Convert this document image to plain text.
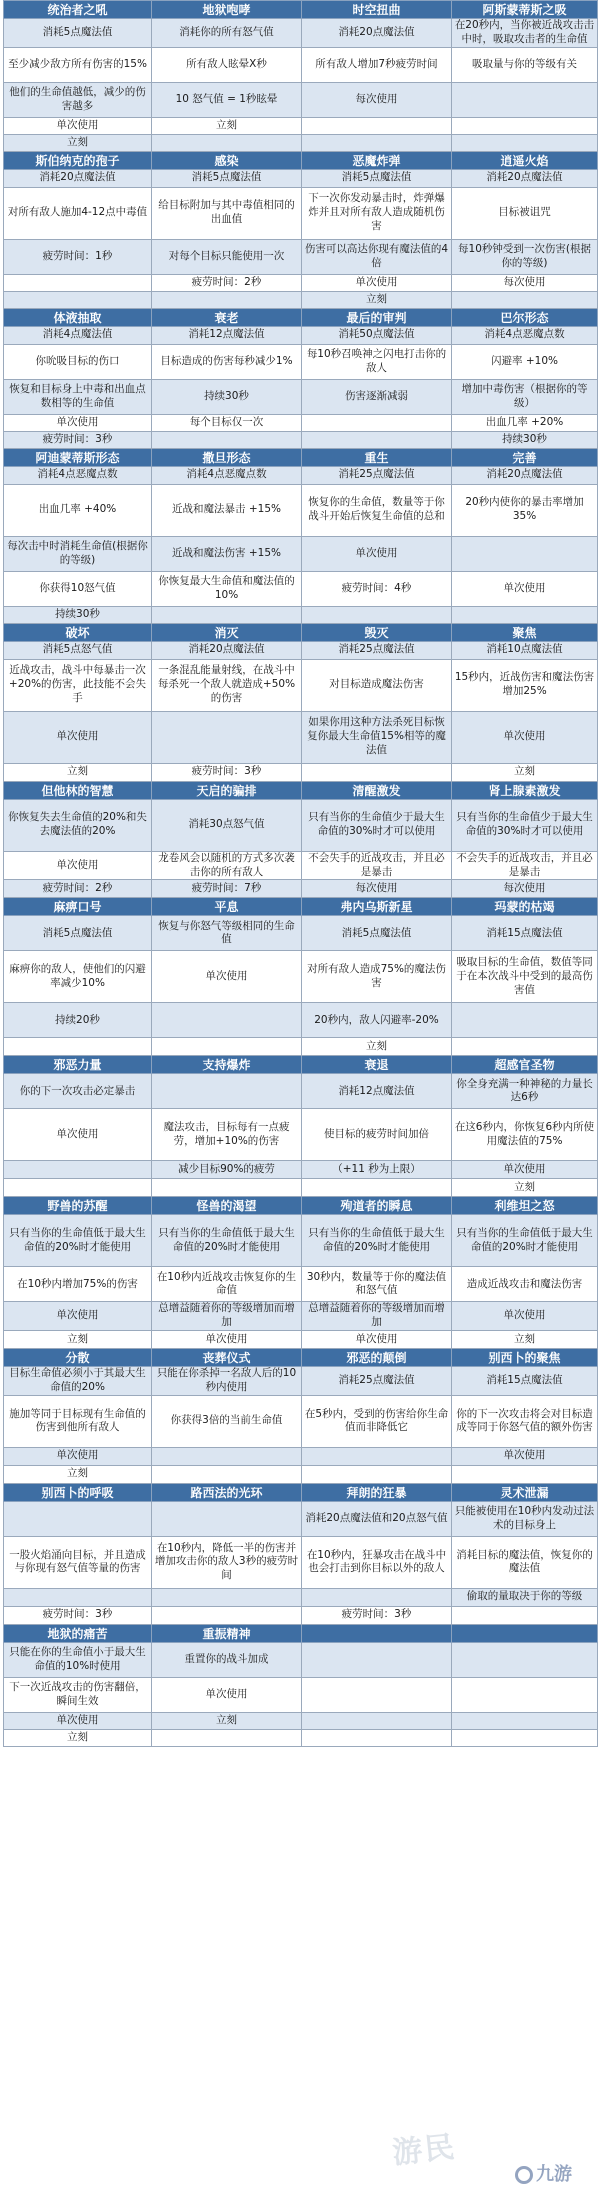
统治者之吼	地狱咆哮	时空扭曲	阿斯蒙蒂斯之吸
消耗5点魔法值	消耗你的所有怒气值	消耗20点魔法值	在20秒内，当你被近战攻击击中时，吸取攻击者的生命值
至少减少敌方所有伤害的15%	所有敌人眩晕X秒	所有敌人增加7秒疲劳时间	吸取量与你的等级有关
他们的生命值越低，减少的伤害越多	10 怒气值 = 1秒眩晕	每次使用	
单次使用	立刻		
立刻			
斯伯纳克的孢子	感染	恶魔炸弹	逍遥火焰
消耗20点魔法值	消耗5点魔法值	消耗5点魔法值	消耗20点魔法值
对所有敌人施加4-12点中毒值	给目标附加与其中毒值相同的出血值	下一次你发动暴击时，炸弹爆炸并且对所有敌人造成随机伤害	目标被诅咒
疲劳时间：1秒	对每个目标只能使用一次	伤害可以高达你现有魔法值的4倍	每10秒钟受到一次伤害(根据你的等级)
	疲劳时间：2秒	单次使用	每次使用
		立刻	
体液抽取	衰老	最后的审判	巴尔形态
消耗4点魔法值	消耗12点魔法值	消耗50点魔法值	消耗4点恶魔点数
你吮吸目标的伤口	目标造成的伤害每秒减少1%	每10秒召唤神之闪电打击你的敌人	闪避率 +10%
恢复和目标身上中毒和出血点数相等的生命值	持续30秒	伤害逐渐减弱	增加中毒伤害（根据你的等级）
单次使用	每个目标仅一次		出血几率 +20%
疲劳时间：3秒			持续30秒
阿迪蒙蒂斯形态	撒旦形态	重生	完善
消耗4点恶魔点数	消耗4点恶魔点数	消耗25点魔法值	消耗20点魔法值
出血几率 +40%	近战和魔法暴击 +15%	恢复你的生命值，数量等于你战斗开始后恢复生命值的总和	20秒内使你的暴击率增加35%
每次击中时消耗生命值(根据你的等级)	近战和魔法伤害 +15%	单次使用	
你获得10怒气值	你恢复最大生命值和魔法值的10%	疲劳时间：4秒	单次使用
持续30秒			
破坏	消灭	毁灭	聚焦
消耗5点怒气值	消耗20点魔法值	消耗25点魔法值	消耗10点魔法值
近战攻击，战斗中每暴击一次+20%的伤害，此技能不会失手	一条混乱能量射线，在战斗中每杀死一个敌人就造成+50%的伤害	对目标造成魔法伤害	15秒内，近战伤害和魔法伤害增加25%
单次使用		如果你用这种方法杀死目标恢复你最大生命值15%相等的魔法值	单次使用
立刻	疲劳时间：3秒		立刻
但他林的智慧	天启的骗排	清醒激发	肾上腺素激发
你恢复失去生命值的20%和失去魔法值的20%	消耗30点怒气值	只有当你的生命值少于最大生命值的30%时才可以使用	只有当你的生命值少于最大生命值的30%时才可以使用
单次使用	龙卷风会以随机的方式多次袭击你的所有敌人	不会失手的近战攻击，并且必是暴击	不会失手的近战攻击，并且必是暴击
疲劳时间：2秒	疲劳时间：7秒	每次使用	每次使用
麻痹口号	平息	弗内乌斯新星	玛蒙的枯竭
消耗5点魔法值	恢复与你怒气等级相同的生命值	消耗5点魔法值	消耗15点魔法值
麻痹你的敌人，使他们的闪避率减少10%	单次使用	对所有敌人造成75%的魔法伤害	吸取目标的生命值，数值等同于在本次战斗中受到的最高伤害值
持续20秒		20秒内，敌人闪避率-20%	
		立刻	
邪恶力量	支持爆炸	衰退	超感官圣物
你的下一次攻击必定暴击		消耗12点魔法值	你全身充满一种神秘的力量长达6秒
单次使用	魔法攻击，目标每有一点疲劳，增加+10%的伤害	使目标的疲劳时间加倍	在这6秒内，你恢复6秒内所使用魔法值的75%
	减少目标90%的疲劳	（+11 秒为上限）	单次使用
			立刻
野兽的苏醒	怪兽的渴望	殉道者的瞬息	利维坦之怒
只有当你的生命值低于最大生命值的20%时才能使用	只有当你的生命值低于最大生命值的20%时才能使用	只有当你的生命值低于最大生命值的20%时才能使用	只有当你的生命值低于最大生命值的20%时才能使用
在10秒内增加75%的伤害	在10秒内近战攻击恢复你的生命值	30秒内，数量等于你的魔法值和怒气值	造成近战攻击和魔法伤害
单次使用	总增益随着你的等级增加而增加	总增益随着你的等级增加而增加	单次使用
立刻	单次使用	单次使用	立刻
分散	丧葬仪式	邪恶的颠倒	别西卜的聚焦
目标生命值必须小于其最大生命值的20%	只能在你杀掉一名敌人后的10秒内使用	消耗25点魔法值	消耗15点魔法值
施加等同于目标现有生命值的伤害到他所有敌人	你获得3倍的当前生命值	在5秒内，受到的伤害给你生命值而非降低它	你的下一次攻击将会对目标造成等同于你怒气值的额外伤害
单次使用			单次使用
立刻			
别西卜的呼吸	路西法的光环	拜朗的狂暴	灵术泄漏
		消耗20点魔法值和20点怒气值	只能被使用在10秒内发动过法术的目标身上
一股火焰涌向目标，并且造成与你现有怒气值等量的伤害	在10秒内，降低一半的伤害并增加攻击你的敌人3秒的疲劳时间	在10秒内，狂暴攻击在战斗中也会打击到你目标以外的敌人	消耗目标的魔法值，恢复你的魔法值
			偷取的量取决于你的等级
疲劳时间：3秒		疲劳时间：3秒	
地狱的痛苦	重振精神		
只能在你的生命值小于最大生命值的10%时使用	重置你的战斗加成		
下一次近战攻击的伤害翻倍，瞬间生效	单次使用		
单次使用	立刻		
立刻			
游民
九游
